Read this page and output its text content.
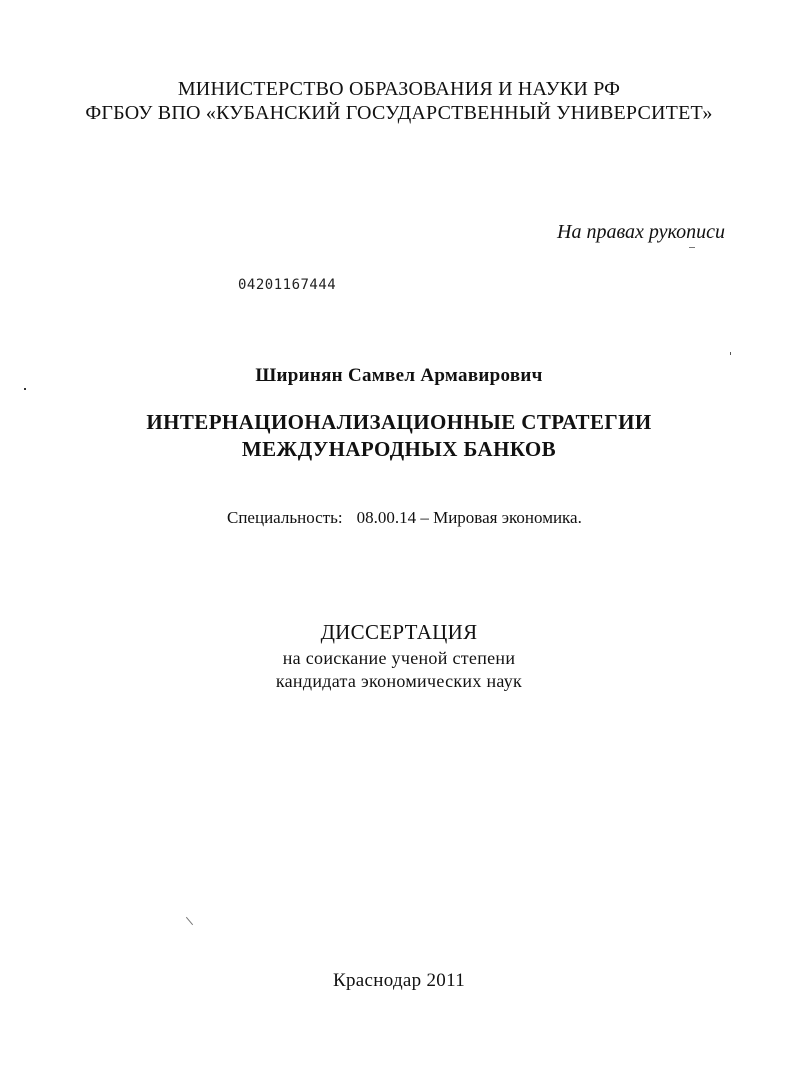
МИНИСТЕРСТВО ОБРАЗОВАНИЯ И НАУКИ РФ
ФГБОУ ВПО «КУБАНСКИЙ ГОСУДАРСТВЕННЫЙ УНИВЕРСИТЕТ»
На правах рукописи
04201167444
Ширинян Самвел Армавирович
ИНТЕРНАЦИОНАЛИЗАЦИОННЫЕ СТРАТЕГИИ
МЕЖДУНАРОДНЫХ БАНКОВ
Специальность: 08.00.14 – Мировая экономика.
ДИССЕРТАЦИЯ
на соискание ученой степени
кандидата экономических наук
Краснодар 2011
